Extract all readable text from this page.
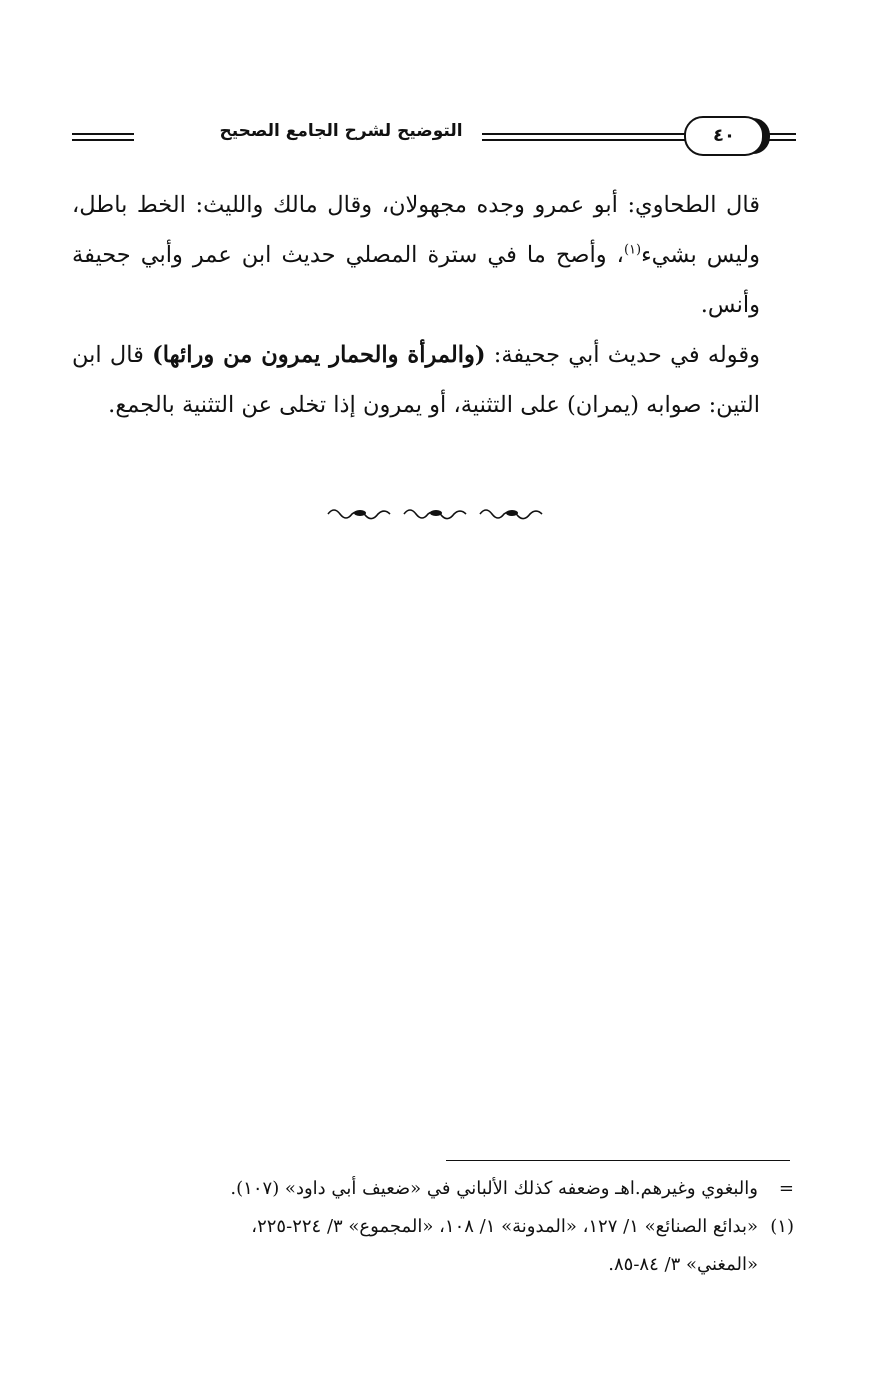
التوضيح لشرح الجامع الصحيح	٤٠

قال الطحاوي: أبو عمرو وجده مجهولان، وقال مالك والليث: الخط باطل، وليس بشيء$^{(١)}$، وأصح ما في سترة المصلي حديث ابن عمر وأبي جحيفة وأنس.

وقوله في حديث أبي جحيفة: (والمرأة والحمار يمرون من ورائها) قال ابن التين: صوابه (يمران) على التثنية، أو يمرون إذا تخلى عن التثنية بالجمع.

=والبغوي وغيرهم.اهـ وضعفه كذلك الألباني في «ضعيف أبي داود» (١٠٧).

(١)«بدائع الصنائع» ١/ ١٢٧، «المدونة» ١/ ١٠٨، «المجموع» ٣/ ٢٢٤-٢٢٥،

«المغني» ٣/ ٨٤-٨٥.
